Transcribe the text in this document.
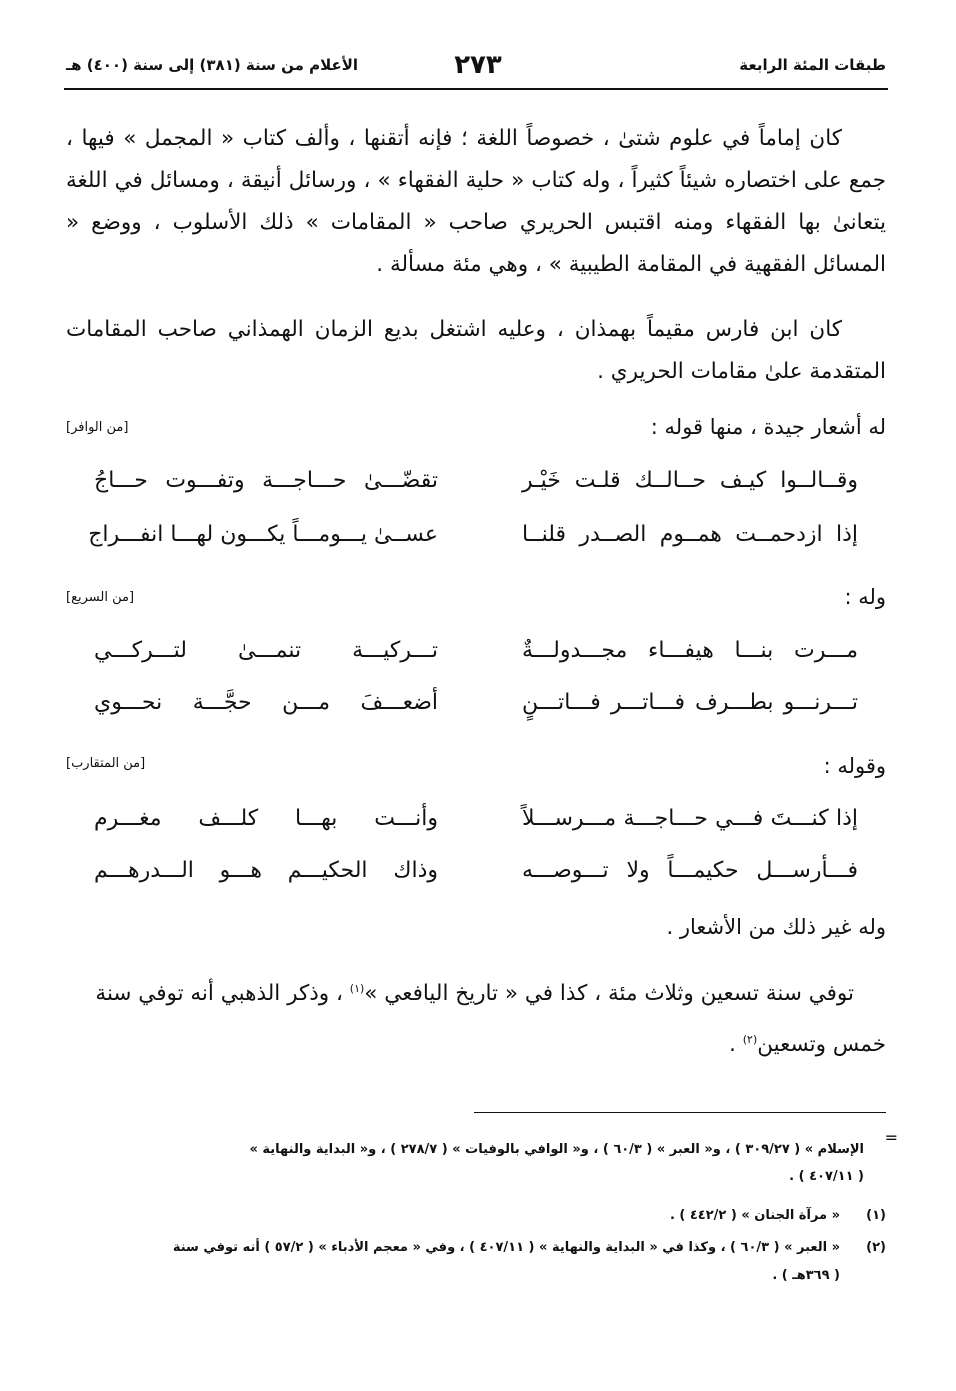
طبقات المئة الرابعة
٢٧٣
الأعلام من سنة (٣٨١) إلى سنة (٤٠٠) هـ
كان إماماً في علوم شتىٰ ، خصوصاً اللغة ؛ فإنه أتقنها ، وألف كتاب « المجمل » فيها ، جمع على اختصاره شيئاً كثيراً ، وله كتاب « حلية الفقهاء » ، ورسائل أنيقة ، ومسائل في اللغة يتعانىٰ بها الفقهاء ومنه اقتبس الحريري صاحب « المقامات » ذلك الأسلوب ، ووضع « المسائل الفقهية في المقامة الطيبية » ، وهي مئة مسألة .
كان ابن فارس مقيماً بهمذان ، وعليه اشتغل بديع الزمان الهمذاني صاحب المقامات المتقدمة علىٰ مقامات الحريري .
له أشعار جيدة ، منها قوله :
[من الوافر]
وقــالــوا كيـف حــالــك قلـت خَيْـر
تقضّـــىٰ حـــاجـــة وتفـــوت حـــاجُ
إذا ازدحمــت همــوم الصــدر قلنــا
عســىٰ يـــومـــاً يكـــون لهـــا انفـــراج
وله :
[من السريع]
مـــرت بنـــا هيفـــاء مجـــدولـــةٌ
تـــركيـــة تنمـــىٰ لتـــركـــي
تـــرنـــو بطـــرف فـــاتـــر فـــاتـــنٍ
أضعـــفَ مـــن حجَّـــة نحـــوي
وقوله :
[من المتقارب]
إذا كنـــتَ فـــي حـــاجـــة مـــرســـلاً
وأنـــت بهـــا كلـــف مغـــرم
فـــأرســـل حكيمـــاً ولا تـــوصـــه
وذاك الحكيـــم هـــو الـــدرهـــم
وله غير ذلك من الأشعار .
توفي سنة تسعين وثلاث مئة ، كذا في « تاريخ اليافعي »$^{(١)}$ ، وذكر الذهبي أنه توفي سنة
خمس وتسعين$^{(٢)}$ .
=
الإسلام » ( ٣٠٩/٢٧ ) ، و« العبر » ( ٦٠/٣ ) ، و« الوافي بالوفيات » ( ٢٧٨/٧ ) ، و« البداية والنهاية »
( ٤٠٧/١١ ) .
(١)
« مرآة الجنان » ( ٤٤٢/٢ ) .
(٢)
« العبر » ( ٦٠/٣ ) ، وكذا في « البداية والنهاية » ( ٤٠٧/١١ ) ، وفي « معجم الأدباء » ( ٥٧/٢ ) أنه توفي سنة
( ٣٦٩هـ ) .
